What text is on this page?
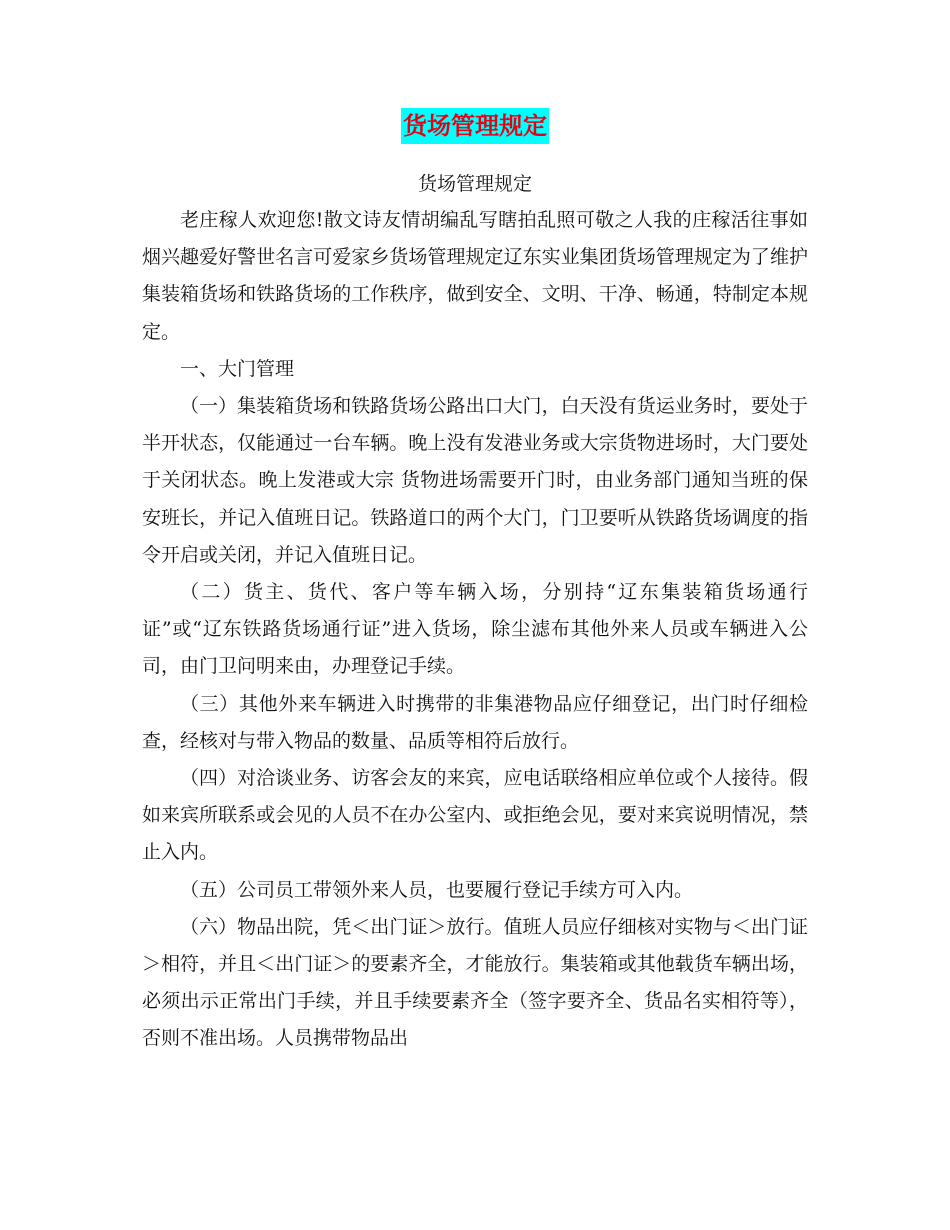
货场管理规定
货场管理规定

老庄稼人欢迎您!散文诗友情胡编乱写瞎拍乱照可敬之人我的庄稼活往事如烟兴趣爱好警世名言可爱家乡货场管理规定辽东实业集团货场管理规定为了维护集装箱货场和铁路货场的工作秩序，做到安全、文明、干净、畅通，特制定本规定。

一、大门管理

（一）集装箱货场和铁路货场公路出口大门，白天没有货运业务时，要处于半开状态，仅能通过一台车辆。晚上没有发港业务或大宗货物进场时，大门要处于关闭状态。晚上发港或大宗 货物进场需要开门时，由业务部门通知当班的保安班长，并记入值班日记。铁路道口的两个大门，门卫要听从铁路货场调度的指令开启或关闭，并记入值班日记。

（二）货主、货代、客户等车辆入场，分别持“辽东集装箱货场通行证”或“辽东铁路货场通行证”进入货场，除尘滤布其他外来人员或车辆进入公司，由门卫问明来由，办理登记手续。

（三）其他外来车辆进入时携带的非集港物品应仔细登记，出门时仔细检查，经核对与带入物品的数量、品质等相符后放行。

（四）对洽谈业务、访客会友的来宾，应电话联络相应单位或个人接待。假如来宾所联系或会见的人员不在办公室内、或拒绝会见，要对来宾说明情况，禁止入内。

（五）公司员工带领外来人员，也要履行登记手续方可入内。

（六）物品出院，凭＜出门证＞放行。值班人员应仔细核对实物与＜出门证＞相符，并且＜出门证＞的要素齐全，才能放行。集装箱或其他载货车辆出场，必须出示正常出门手续，并且手续要素齐全（签字要齐全、货品名实相符等），否则不准出场。人员携带物品出
